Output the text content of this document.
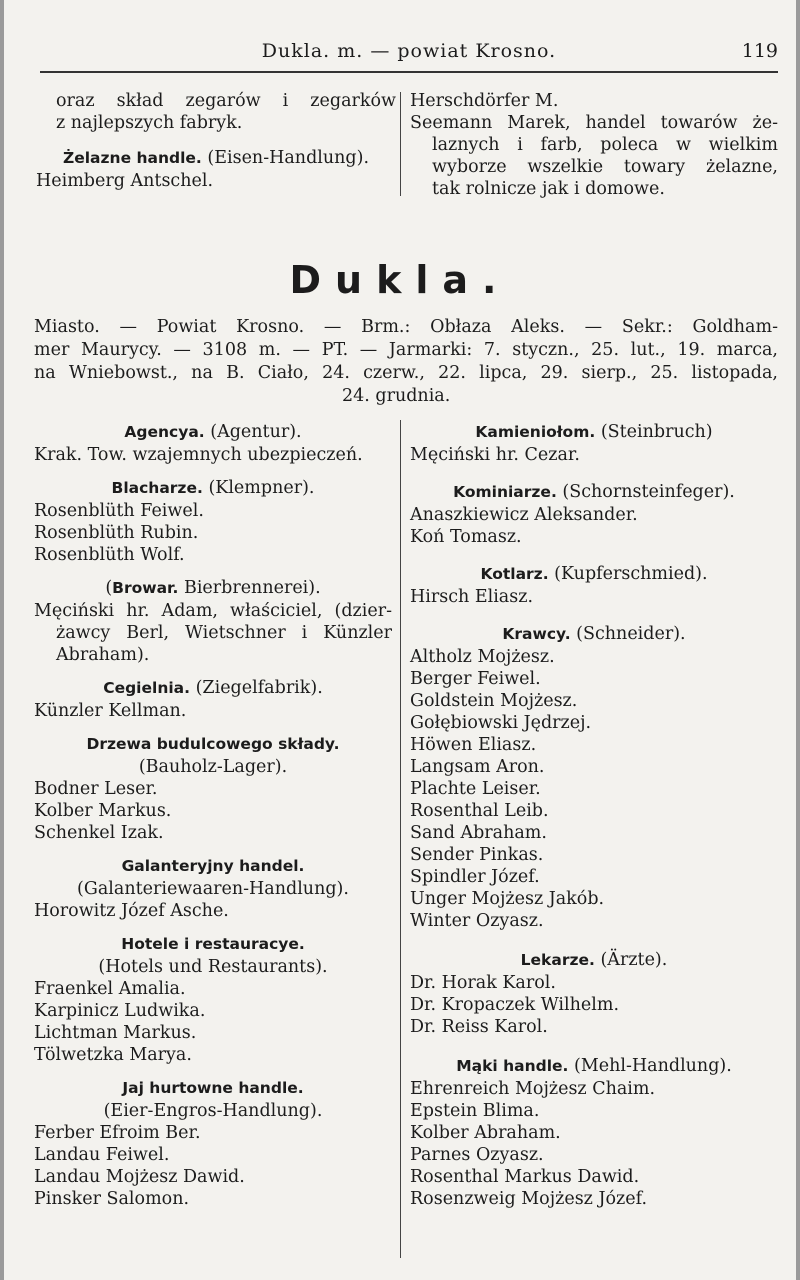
Dukla. m. — powiat Krosno.	119
oraz skład zegarów i zegarków
z najlepszych fabryk.
Żelazne handle. (Eisen-Handlung).
Heimberg Antschel.
Herschdörfer M.
Seemann Marek, handel towarów że-
laznych i farb, poleca w wielkim
wyborze wszelkie towary żelazne,
tak rolnicze jak i domowe.
Dukla.
Miasto. — Powiat Krosno. — Brm.: Obłaza Aleks. — Sekr.: Goldham-
mer Maurycy. — 3108 m. — PT. — Jarmarki: 7. styczn., 25. lut., 19. marca,
na Wniebowst., na B. Ciało, 24. czerw., 22. lipca, 29. sierp., 25. listopada,
24. grudnia.
Agencya. (Agentur).
Krak. Tow. wzajemnych ubezpieczeń.
Blacharze. (Klempner).
Rosenblüth Feiwel.
Rosenblüth Rubin.
Rosenblüth Wolf.
(Browar. Bierbrennerei).
Męciński hr. Adam, właściciel, (dzier-
żawcy Berl, Wietschner i Künzler
Abraham).
Cegielnia. (Ziegelfabrik).
Künzler Kellman.
Drzewa budulcowego składy.
(Bauholz-Lager).
Bodner Leser.
Kolber Markus.
Schenkel Izak.
Galanteryjny handel.
(Galanteriewaaren-Handlung).
Horowitz Józef Asche.
Hotele i restauracye.
(Hotels und Restaurants).
Fraenkel Amalia.
Karpinicz Ludwika.
Lichtman Markus.
Tölwetzka Marya.
Jaj hurtowne handle.
(Eier-Engros-Handlung).
Ferber Efroim Ber.
Landau Feiwel.
Landau Mojżesz Dawid.
Pinsker Salomon.
Kamieniołom. (Steinbruch)
Męciński hr. Cezar.
Kominiarze. (Schornsteinfeger).
Anaszkiewicz Aleksander.
Koń Tomasz.
Kotlarz. (Kupferschmied).
Hirsch Eliasz.
Krawcy. (Schneider).
Altholz Mojżesz.
Berger Feiwel.
Goldstein Mojżesz.
Gołębiowski Jędrzej.
Höwen Eliasz.
Langsam Aron.
Plachte Leiser.
Rosenthal Leib.
Sand Abraham.
Sender Pinkas.
Spindler Józef.
Unger Mojżesz Jakób.
Winter Ozyasz.
Lekarze. (Ärzte).
Dr. Horak Karol.
Dr. Kropaczek Wilhelm.
Dr. Reiss Karol.
Mąki handle. (Mehl-Handlung).
Ehrenreich Mojżesz Chaim.
Epstein Blima.
Kolber Abraham.
Parnes Ozyasz.
Rosenthal Markus Dawid.
Rosenzweig Mojżesz Józef.
